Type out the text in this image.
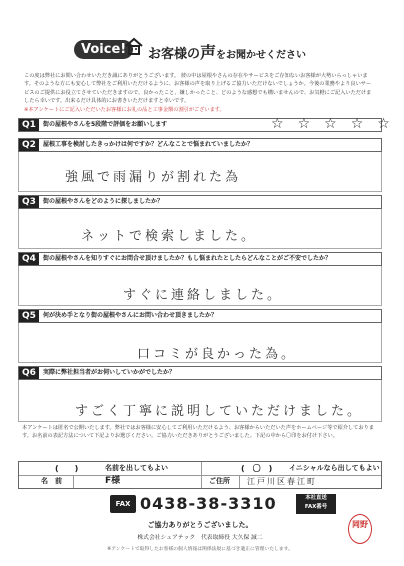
Voice!	お客様の声をお聞かせください
この度は弊社にお問い合わせいただき誠にありがとうございます。 彼の中は屋根やさんの存在やサービスをご存知ないお客様が大勢いらっしゃいます。そのような方にも安心して弊社をご利用いただけるように、お客様の声を取り上げるご協力いただけないでしょうか。今後の業務やより良いサービスのご提供にお役立てさせていただきますので、良かったこと、嫌しかったこと、どのような感想でも構いませんので、お気軽にご記入いただけましたら幸いです。出来るだけ具体的にお書きいただけますと幸いです。
※本アンケートにご記入いただいたお客様にお礼の品と工事金額の割引がございます。
Q1	街の屋根やさんを5段階で評価をお願いします	☆☆☆☆☆
Q2	屋根工事を検討したきっかけは何ですか？どんなことで悩まれていましたか？
強風で雨漏りが割れた為
Q3	街の屋根やさんをどのように探しましたか？
ネットで検索しました。
Q4	街の屋根やさんを知りすぐにお問合せ頂けましたか？もし悩まれたとしたらどんなことがご不安でしたか？
すぐに連絡しました。
Q5	何が決め手となり街の屋根やさんにお問い合わせ頂きましたか？
口コミが良かった為。
Q6	実際に弊社担当者がお伺いしていかがでしたか？
すごく丁寧に説明していただけました。
本アンケートは匿名で公開いたします。弊社ではお客様に安心してご利用いただけるよう、お客様からいただいた声をホームページ等で紹介しております。お名前の表記方法について下記よりお選びください。ご協力いただきありがとうございました。下記の中から〇印をお付け下さい。
(　　)	名前を出してもよい	(　〇　) イニシャルなら出してもよい
名　前	F様	ご住所 江戸川区春江町
FAX 0438-38-3310	本社直送
FAX番号
ご協力ありがとうございました。
株式会社シェアテック　代表取締役 大久保 誠二
※アンケートで取得したお客様の個人情報は関係法規に基づき適正に管理いたします。
岡野
